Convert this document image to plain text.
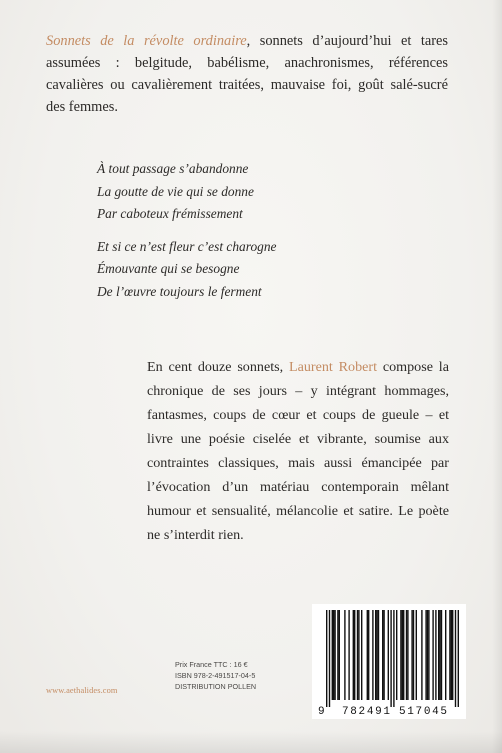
Sonnets de la révolte ordinaire, sonnets d’aujourd’hui et tares assumées : belgitude, babélisme, anachronismes, références cavalières ou cavalièrement traitées, mauvaise foi, goût salé-sucré des femmes.

À tout passage s’abandonne
La goutte de vie qui se donne
Par caboteux frémissement

Et si ce n’est fleur c’est charogne
Émouvante qui se besogne
De l’œuvre toujours le ferment

En cent douze sonnets, Laurent Robert compose la chronique de ses jours – y intégrant hommages, fantasmes, coups de cœur et coups de gueule – et livre une poésie ciselée et vibrante, soumise aux contraintes classiques, mais aussi émancipée par l’évocation d’un matériau contemporain mêlant humour et sensualité, mélancolie et satire. Le poète ne s’interdit rien.

www.aethalides.com
Prix France TTC : 16 €
ISBN 978-2-491517-04-5
DISTRIBUTION POLLEN
9 782491 517045
